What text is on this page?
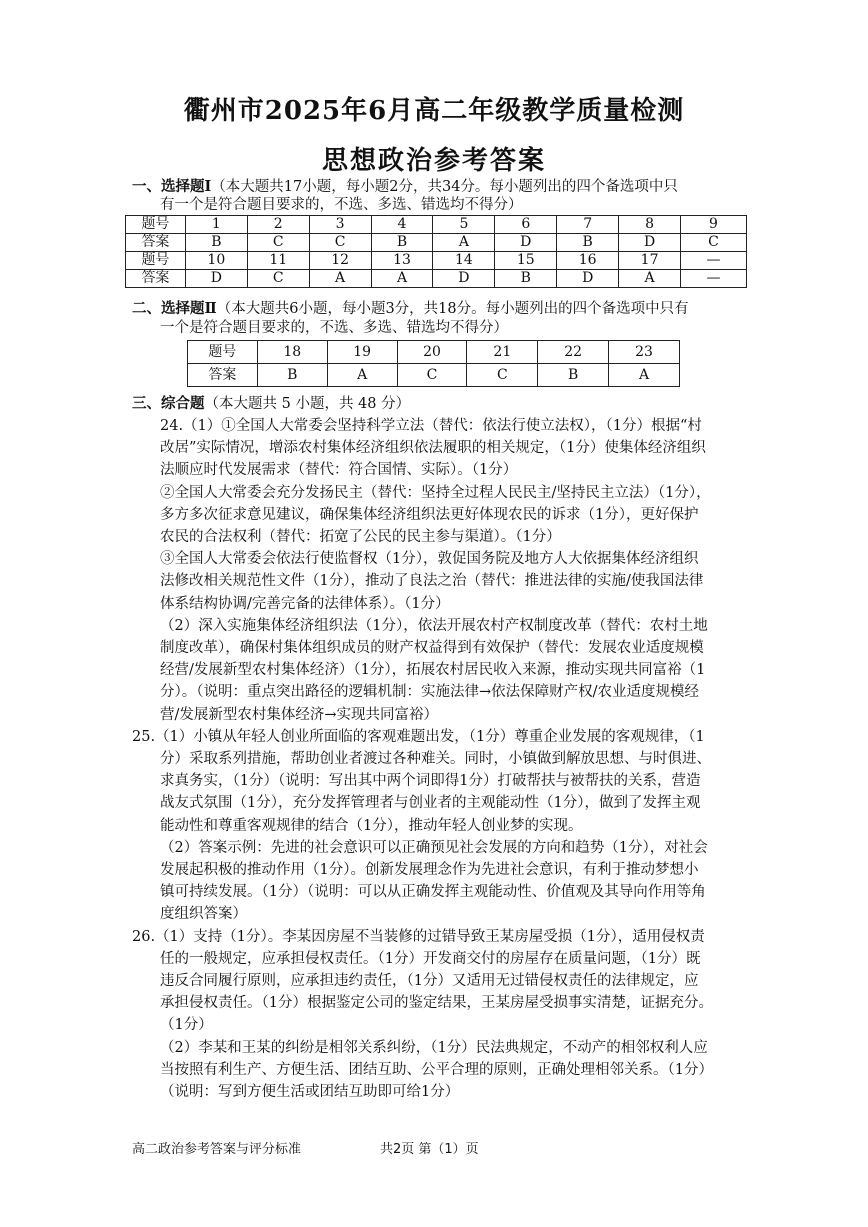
衢州市2025年6月高二年级教学质量检测
思想政治参考答案
一、选择题Ⅰ（本大题共17小题，每小题2分，共34分。每小题列出的四个备选项中只
有一个是符合题目要求的，不选、多选、错选均不得分）
题号	1	2	3	4	5	6	7	8	9
答案	B	C	C	B	A	D	B	D	C
题号	10	11	12	13	14	15	16	17	—
答案	D	C	A	A	D	B	D	A	—
二、选择题Ⅱ（本大题共6小题，每小题3分，共18分。每小题列出的四个备选项中只有
一个是符合题目要求的，不选、多选、错选均不得分）
题号	18	19	20	21	22	23
答案	B	A	C	C	B	A
三、综合题（本大题共 5 小题，共 48 分）
24.（1）①全国人大常委会坚持科学立法（替代：依法行使立法权），（1分）根据“村
改居”实际情况，增添农村集体经济组织依法履职的相关规定，（1分）使集体经济组织
法顺应时代发展需求（替代：符合国情、实际）。（1分）
②全国人大常委会充分发扬民主（替代：坚持全过程人民民主/坚持民主立法）（1分），
多方多次征求意见建议，确保集体经济组织法更好体现农民的诉求（1分），更好保护
农民的合法权利（替代：拓宽了公民的民主参与渠道）。（1分）
③全国人大常委会依法行使监督权（1分），敦促国务院及地方人大依据集体经济组织
法修改相关规范性文件（1分），推动了良法之治（替代：推进法律的实施/使我国法律
体系结构协调/完善完备的法律体系）。（1分）
（2）深入实施集体经济组织法（1分），依法开展农村产权制度改革（替代：农村土地
制度改革），确保村集体组织成员的财产权益得到有效保护（替代：发展农业适度规模
经营/发展新型农村集体经济）（1分），拓展农村居民收入来源，推动实现共同富裕（1
分）。（说明：重点突出路径的逻辑机制：实施法律→依法保障财产权/农业适度规模经
营/发展新型农村集体经济→实现共同富裕）
25.（1）小镇从年轻人创业所面临的客观难题出发，（1分）尊重企业发展的客观规律，（1
分）采取系列措施，帮助创业者渡过各种难关。同时，小镇做到解放思想、与时俱进、
求真务实，（1分）（说明：写出其中两个词即得1分）打破帮扶与被帮扶的关系，营造
战友式氛围（1分），充分发挥管理者与创业者的主观能动性（1分），做到了发挥主观
能动性和尊重客观规律的结合（1分），推动年轻人创业梦的实现。
（2）答案示例：先进的社会意识可以正确预见社会发展的方向和趋势（1分），对社会
发展起积极的推动作用（1分）。创新发展理念作为先进社会意识，有利于推动梦想小
镇可持续发展。（1分）（说明：可以从正确发挥主观能动性、价值观及其导向作用等角
度组织答案）
26.（1）支持（1分）。李某因房屋不当装修的过错导致王某房屋受损（1分），适用侵权责
任的一般规定，应承担侵权责任。（1分）开发商交付的房屋存在质量问题，（1分）既
违反合同履行原则，应承担违约责任，（1分）又适用无过错侵权责任的法律规定，应
承担侵权责任。（1分）根据鉴定公司的鉴定结果，王某房屋受损事实清楚，证据充分。
（1分）
（2）李某和王某的纠纷是相邻关系纠纷，（1分）民法典规定，不动产的相邻权利人应
当按照有利生产、方便生活、团结互助、公平合理的原则，正确处理相邻关系。（1分）
（说明：写到方便生活或团结互助即可给1分）
高二政治参考答案与评分标准	共2页 第（1）页
